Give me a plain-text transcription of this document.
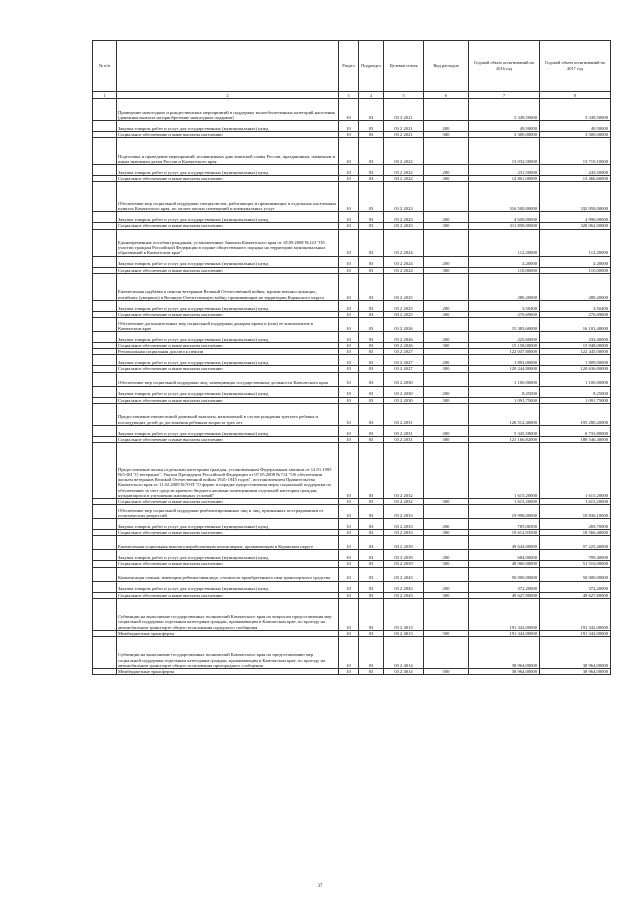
№ п/п		Раздел	Подраздел	Целевая статья	Вид расходов	Годовой объем ассигнований на 2016 год	Годовой объем ассигнований на 2017 год
1	2	3	4	5	6	7	8
	Проведение новогодних и рождественских мероприятий в поддержку малообеспеченных категорий населения (денежная выплата на приобретение новогодних подарков)	10	03	03 2 2021		3 349,50000	3 349,50000
	Закупка товаров, работ и услуг для государственных (муниципальных) нужд	10	03	03 2 2021	200	49,50000	49,50000
	Социальное обеспечение и иные выплаты населению	10	03	03 2 2021	300	3 300,00000	3 300,00000
	Подготовка и проведение мероприятий, посвященных дню воинской славы России, праздничным, памятным и иным значимым датам России и Камчатского края	10	03	03 2 2022		13 032,50000	13 710,10000
	Закупка товаров, работ и услуг для государственных (муниципальных) нужд	10	03	03 2 2022	200	231,50000	243,50000
	Социальное обеспечение и иные выплаты населению	10	03	03 2 2022	300	12 801,00000	13 466,60000
	Обеспечение мер социальной поддержки специалистов, работающих и проживающих в отдельных населенных пунктах Камчатского края, по оплате жилых помещений и коммунальных услуг	10	03	03 2 2023		316 500,00000	332 958,00000
	Закупка товаров, работ и услуг для государственных (муниципальных) нужд	10	03	03 2 2023	200	4 650,00000	4 896,00000
	Социальное обеспечение и иные выплаты населению	10	03	03 2 2023	300	311 850,00000	328 062,00000
	Единовременные пособия гражданам, установленные Законом Камчатского края от 18.09.2008 №123 "Об участии граждан Российской Федерации в охране общественного порядка на территории муниципальных образований в Камчатском крае"	10	03	03 2 2024		112,20000	112,20000
	Закупка товаров, работ и услуг для государственных (муниципальных) нужд	10	03	03 2 2024	200	2,20000	2,20000
	Социальное обеспечение и иные выплаты населению	10	03	03 2 2024	300	110,00000	110,00000
	Ежемесячная надбавка к пенсии ветеранам Великой Отечественной войны, вдовам военнослужащих, погибших (умерших) в Великую Отечественную войну, проживающим на территории Корякского округа	10	03	03 2 2025		280,20000	280,20000
	Закупка товаров, работ и услуг для государственных (муниципальных) нужд	10	03	03 2 2025	200	3,50400	3,50400
	Социальное обеспечение и иные выплаты населению	10	03	03 2 2025	300	276,69600	276,69600
	Обеспечение дополнительных мер социальной поддержки донорам крови и (или) ее компонентов в Камчатском крае	10	03	03 2 2026		15 383,60000	16 181,40000
	Закупка товаров, работ и услуг для государственных (муниципальных) нужд	10	03	03 2 2026	200	225,60000	233,40000
	Социальное обеспечение и иные выплаты населению	10	03	03 2 2026	300	15 158,00000	15 948,00000
	Региональная социальная доплата к пенсии	10	03	03 2 2027		122 047,80000	122 445,00000
	Закупка товаров, работ и услуг для государственных (муниципальных) нужд	10	03	03 2 2027	200	1 803,00000	1 809,00000
	Социальное обеспечение и иные выплаты населению	10	03	03 2 2027	300	120 244,80000	120 636,00000
	Обеспечение мер социальной поддержки лиц, замещающих государственные должности Камчатского края	10	03	03 2 2030		1 100,00000	1 100,00000
	Закупка товаров, работ и услуг для государственных (муниципальных) нужд	10	03	03 2 2030	200	8,25000	8,25000
	Социальное обеспечение и иные выплаты населению	10	03	03 2 2030	300	1 091,75000	1 091,75000
	Предоставление ежемесячной денежной выплаты, назначаемой в случае рождения третьего ребенка и последующих детей до достижения ребенком возраста трех лет	10	03	03 2 2031		126 512,40000	195 280,20000
	Закупка товаров, работ и услуг для государственных (муниципальных) нужд	10	03	03 2 2031	200	5 345,58000	6 733,80000
	Социальное обеспечение и иные выплаты населению	10	03	03 2 2031	300	121 166,82000	188 546,40000
	Предоставление жилья отдельным категориям граждан, установленным Федеральным законом от 12.01.1995 №5-ФЗ "О ветеранах", Указом Президента Российской Федерации от 07.05.2008 №714 "Об обеспечении жильем ветеранов Великой Отечественной войны 1941-1945 годов", постановлением Правительства Камчатского края от 11.02.2009 №70-П "О форме и порядке предоставления меры социальной поддержки по обеспечению за счет средств краевого бюджета жилыми помещениями отдельной категории граждан, нуждающихся в улучшении жилищных условий"	10	03	03 2 2032		1 615,20000	1 615,20000
	Социальное обеспечение и иные выплаты населению	10	03	03 2 2032	300	1 615,20000	1 615,20000
	Обеспечение мер социальной поддержки реабилитированных лиц и лиц, признанных пострадавшими от политических репрессий	10	03	03 2 2033		19 998,00000	18 836,10000
	Закупка товаров, работ и услуг для государственных (муниципальных) нужд	10	03	03 2 2033	200	785,06500	269,70000
	Социальное обеспечение и иные выплаты населению	10	03	03 2 2033	300	19 612,93500	18 566,40000
	Ежемесячная социальная выплата неработающим пенсионерам, проживающим в Корякском округе	10	03	03 2 2039		49 644,00000	57 225,40000
	Закупка товаров, работ и услуг для государственных (муниципальных) нужд	10	03	03 2 2039	200	684,00000	709,40000
	Социальное обеспечение и иные выплаты населению	10	03	03 2 2039	300	48 960,00000	51 516,00000
	Компенсация семьям, имеющим ребенка-инвалида, стоимости приобретенного ими транспортного средства	10	03	03 2 2043		50 000,00000	50 000,00000
	Закупка товаров, работ и услуг для государственных (муниципальных) нужд	10	03	03 2 2043	200	372,20000	372,20000
	Социальное обеспечение и иные выплаты населению	10	03	03 2 2043	300	49 627,80000	49 627,80000
	Субвенции на выполнение государственных полномочий Камчатского края по вопросам предоставления мер социальной поддержки отдельным категориям граждан, проживающим в Камчатском крае, по проезду на автомобильном транспорте общего пользования городского сообщения	10	03	03 2 4013		191 342,00000	191 342,00000
	Межбюджетные трансферты	10	03	03 2 4013	500	191 342,00000	191 342,00000
	Субвенции на выполнение государственных полномочий Камчатского края по предоставлению мер социальной поддержки отдельным категориям граждан, проживающим в Камчатском крае, по проезду на автомобильном транспорте общего пользования пригородного сообщения	10	03	03 2 4014		38 964,00000	38 964,00000
	Межбюджетные трансферты	10	03	03 2 4014	500	38 964,00000	38 964,00000
37
